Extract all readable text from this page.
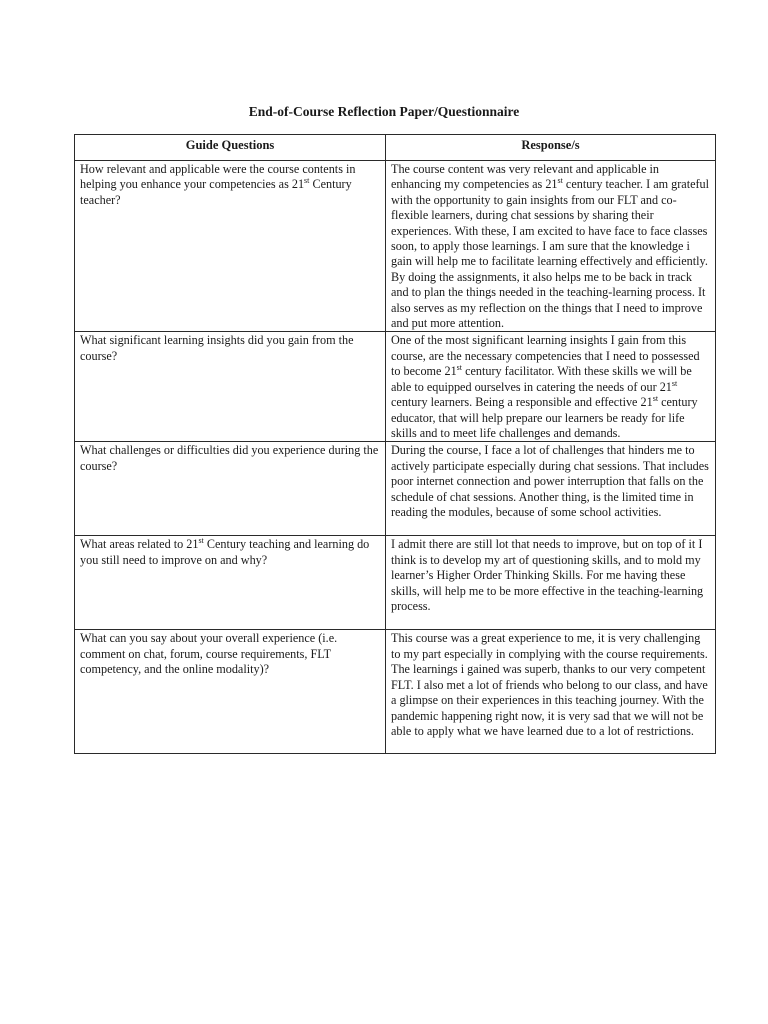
End-of-Course Reflection Paper/Questionnaire
Guide Questions	Response/s
How relevant and applicable were the course contents in helping you enhance your competencies as 21st Century teacher?	The course content was very relevant and applicable in enhancing my competencies as 21st century teacher. I am grateful with the opportunity to gain insights from our FLT and co-flexible learners, during chat sessions by sharing their experiences. With these, I am excited to have face to face classes soon, to apply those learnings. I am sure that the knowledge i gain will help me to facilitate learning effectively and efficiently. By doing the assignments, it also helps me to be back in track and to plan the things needed in the teaching-learning process. It also serves as my reflection on the things that I need to improve and put more attention.
What significant learning insights did you gain from the course?	One of the most significant learning insights I gain from this course, are the necessary competencies that I need to possessed to become 21st century facilitator. With these skills we will be able to equipped ourselves in catering the needs of our 21st century learners. Being a responsible and effective 21st century educator, that will help prepare our learners be ready for life skills and to meet life challenges and demands.
What challenges or difficulties did you experience during the course?	During the course, I face a lot of challenges that hinders me to actively participate especially during chat sessions. That includes poor internet connection and power interruption that falls on the schedule of chat sessions. Another thing, is the limited time in reading the modules, because of some school activities.
What areas related to 21st Century teaching and learning do you still need to improve on and why?	I admit there are still lot that needs to improve, but on top of it I think is to develop my art of questioning skills, and to mold my learner’s Higher Order Thinking Skills. For me having these skills, will help me to be more effective in the teaching-learning process.
What can you say about your overall experience (i.e. comment on chat, forum, course requirements, FLT competency, and the online modality)?	This course was a great experience to me, it is very challenging to my part especially in complying with the course requirements. The learnings i gained was superb, thanks to our very competent FLT. I also met a lot of friends who belong to our class, and have a glimpse on their experiences in this teaching journey. With the pandemic happening right now, it is very sad that we will not be able to apply what we have learned due to a lot of restrictions.
